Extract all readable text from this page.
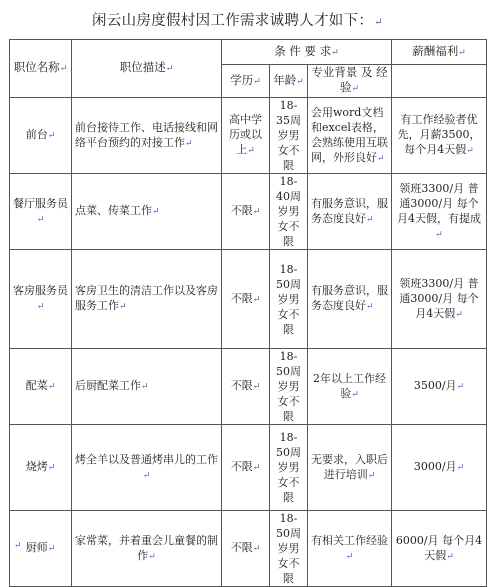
闲云山房度假村因工作需求诚聘人才如下：↵
职位名称↵	职位描述↵	条 件 要 求↵			薪酬福利↵
		学历↵	年龄↵	专业背景 及 经验↵	
前台↵	前台接待工作、电话接线和网络平台预约的对接工作↵	高中学历或以上↵	18-35周岁男女不限	会用word文档和excel表格，会熟练使用互联网，外形良好↵	有工作经验者优先，月薪3500，每个月4天假↵
餐厅服务员↵	点菜、传菜工作↵	不限↵	18-40周岁男女不限	有服务意识，服务态度良好↵	领班3300/月 普通3000/月 每个月4天假，有提成↵
客房服务员↵	客房卫生的清洁工作以及客房服务工作↵	不限↵	18-50周岁男女不限	有服务意识，服务态度良好↵	领班3300/月 普通3000/月 每个月4天假↵
配菜↵	后厨配菜工作↵	不限↵	18-50周岁男女不限	2年以上工作经验↵	3500/月↵
烧烤↵	烤全羊以及普通烤串儿的工作↵	不限↵	18-50周岁男女不限	无要求，入职后进行培训↵	3000/月↵
厨师↵	家常菜，并着重会儿童餐的制作↵	不限↵	18-50周岁男女不限	有相关工作经验↵	6000/月 每个月4天假↵
↵
